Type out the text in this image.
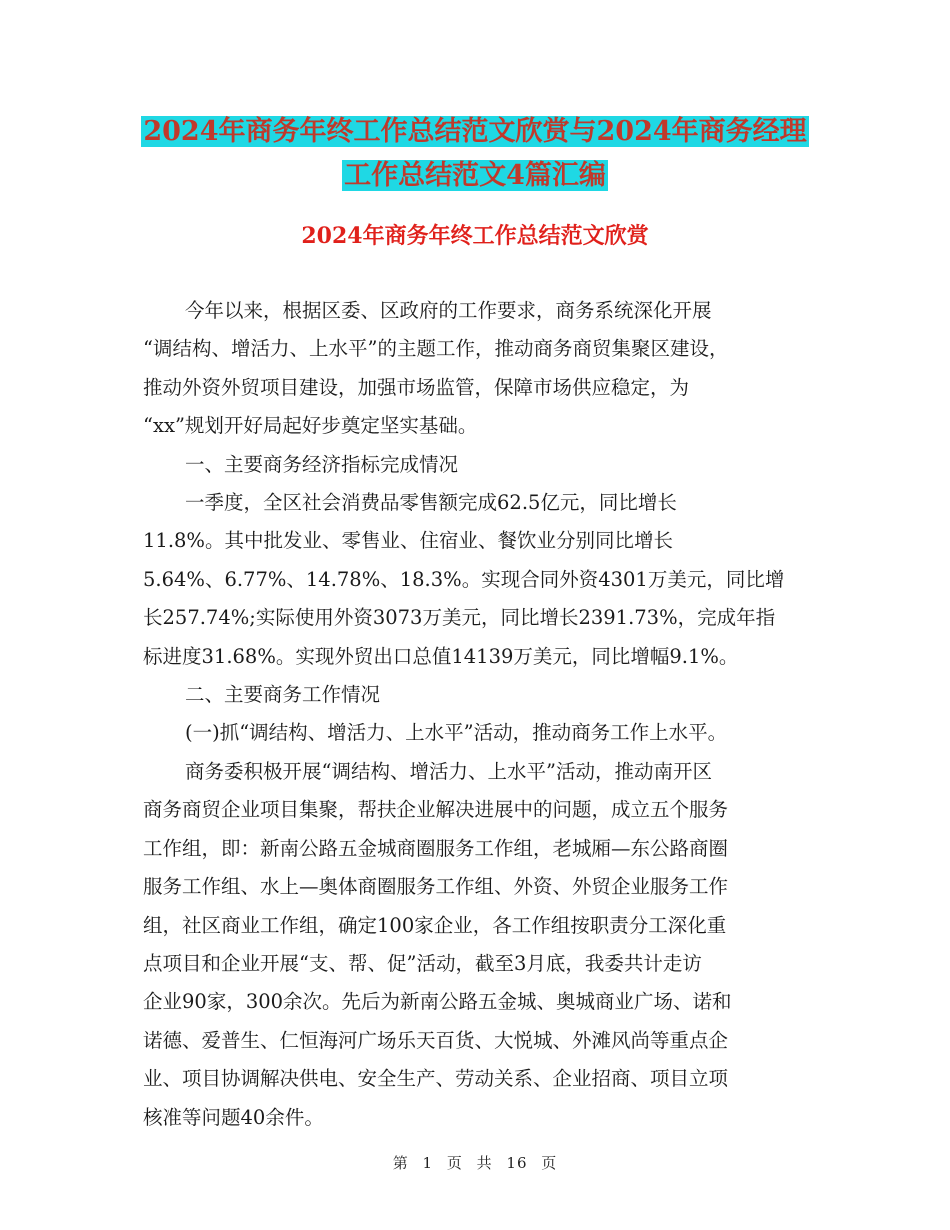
2024年商务年终工作总结范文欣赏与2024年商务经理
工作总结范文4篇汇编
2024年商务年终工作总结范文欣赏
今年以来，根据区委、区政府的工作要求，商务系统深化开展
“调结构、增活力、上水平”的主题工作，推动商务商贸集聚区建设，
推动外资外贸项目建设，加强市场监管，保障市场供应稳定，为
“xx”规划开好局起好步奠定坚实基础。
一、主要商务经济指标完成情况
一季度，全区社会消费品零售额完成62.5亿元，同比增长
11.8%。其中批发业、零售业、住宿业、餐饮业分别同比增长
5.64%、6.77%、14.78%、18.3%。实现合同外资4301万美元，同比增
长257.74%;实际使用外资3073万美元，同比增长2391.73%，完成年指
标进度31.68%。实现外贸出口总值14139万美元，同比增幅9.1%。
二、主要商务工作情况
(一)抓“调结构、增活力、上水平”活动，推动商务工作上水平。
商务委积极开展“调结构、增活力、上水平”活动，推动南开区
商务商贸企业项目集聚，帮扶企业解决进展中的问题，成立五个服务
工作组，即：新南公路五金城商圈服务工作组，老城厢—东公路商圈
服务工作组、水上—奥体商圈服务工作组、外资、外贸企业服务工作
组，社区商业工作组，确定100家企业，各工作组按职责分工深化重
点项目和企业开展“支、帮、促”活动，截至3月底，我委共计走访
企业90家，300余次。先后为新南公路五金城、奥城商业广场、诺和
诺德、爱普生、仁恒海河广场乐天百货、大悦城、外滩风尚等重点企
业、项目协调解决供电、安全生产、劳动关系、企业招商、项目立项
核准等问题40余件。
第 1 页 共 16 页
